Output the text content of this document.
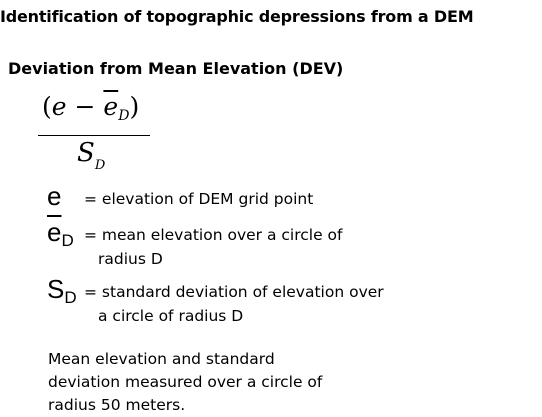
Identification of topographic depressions from a DEM
Deviation from Mean Elevation (DEV)
$(e - \overline{e}_D)$
$S_D$
e = elevation of DEM grid point
$\overline{e}D$ = mean elevation over a circle of
radius D
SD = standard deviation of elevation over
a circle of radius D
Mean elevation and standard
deviation measured over a circle of
radius 50 meters.
